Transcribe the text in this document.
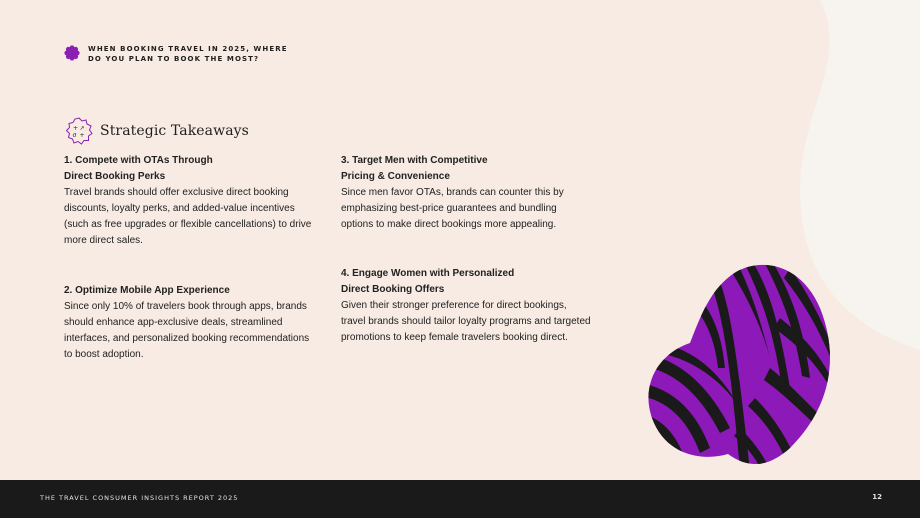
WHEN BOOKING TRAVEL IN 2025, WHERE DO YOU PLAN TO BOOK THE MOST?
+ ↗
ơ + Strategic Takeaways
1. Compete with OTAs Through
Direct Booking Perks
Travel brands should offer exclusive direct booking discounts, loyalty perks, and added-value incentives (such as free upgrades or flexible cancellations) to drive more direct sales.
2. Optimize Mobile App Experience
Since only 10% of travelers book through apps, brands should enhance app-exclusive deals, streamlined interfaces, and personalized booking recommendations to boost adoption.
3. Target Men with Competitive
Pricing & Convenience
Since men favor OTAs, brands can counter this by emphasizing best-price guarantees and bundling options to make direct bookings more appealing.
4. Engage Women with Personalized
Direct Booking Offers
Given their stronger preference for direct bookings, travel brands should tailor loyalty programs and targeted promotions to keep female travelers booking direct.
THE TRAVEL CONSUMER INSIGHTS REPORT 2025	12
